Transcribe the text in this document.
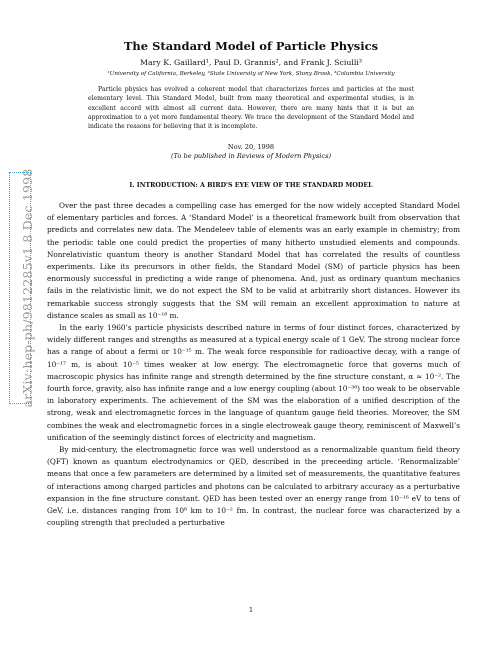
The Standard Model of Particle Physics
Mary K. Gaillard¹, Paul D. Grannis², and Frank J. Sciulli³
¹University of California, Berkeley, ²State University of New York, Stony Brook, ³Columbia University
Particle physics has evolved a coherent model that characterizes forces and particles at the most elementary level. This Standard Model, built from many theoretical and experimental studies, is in excellent accord with almost all current data. However, there are many hints that it is but an approximation to a yet more fundamental theory. We trace the development of the Standard Model and indicate the reasons for believing that it is incomplete.
Nov. 20, 1998
(To be published in Reviews of Modern Physics)
I. INTRODUCTION: A BIRD'S EYE VIEW OF THE STANDARD MODEL

Over the past three decades a compelling case has emerged for the now widely accepted Standard Model of elementary particles and forces. A ‘Standard Model’ is a theoretical framework built from observation that predicts and correlates new data. The Mendeleev table of elements was an early example in chemistry; from the periodic table one could predict the properties of many hitherto unstudied elements and compounds. Nonrelativistic quantum theory is another Standard Model that has correlated the results of countless experiments. Like its precursors in other fields, the Standard Model (SM) of particle physics has been enormously successful in predicting a wide range of phenomena. And, just as ordinary quantum mechanics fails in the relativistic limit, we do not expect the SM to be valid at arbitrarily short distances. However its remarkable success strongly suggests that the SM will remain an excellent approximation to nature at distance scales as small as 10⁻¹⁸ m.

In the early 1960’s particle physicists described nature in terms of four distinct forces, characterized by widely different ranges and strengths as measured at a typical energy scale of 1 GeV. The strong nuclear force has a range of about a fermi or 10⁻¹⁵ m. The weak force responsible for radioactive decay, with a range of 10⁻¹⁷ m, is about 10⁻⁵ times weaker at low energy. The electromagnetic force that governs much of macroscopic physics has infinite range and strength determined by the fine structure constant, α ≈ 10⁻². The fourth force, gravity, also has infinite range and a low energy coupling (about 10⁻³⁸) too weak to be observable in laboratory experiments. The achievement of the SM was the elaboration of a unified description of the strong, weak and electromagnetic forces in the language of quantum gauge field theories. Moreover, the SM combines the weak and electromagnetic forces in a single electroweak gauge theory, reminiscent of Maxwell’s unification of the seemingly distinct forces of electricity and magnetism.

By mid-century, the electromagnetic force was well understood as a renormalizable quantum field theory (QFT) known as quantum electrodynamics or QED, described in the preceeding article. ‘Renormalizable’ means that once a few parameters are determined by a limited set of measurements, the quantitative features of interactions among charged particles and photons can be calculated to arbitrary accuracy as a perturbative expansion in the fine structure constant. QED has been tested over an energy range from 10⁻¹⁶ eV to tens of GeV, i.e. distances ranging from 10⁸ km to 10⁻² fm. In contrast, the nuclear force was characterized by a coupling strength that precluded a perturbative

1
arXiv:hep-ph/9812285v1 8 Dec 1998
